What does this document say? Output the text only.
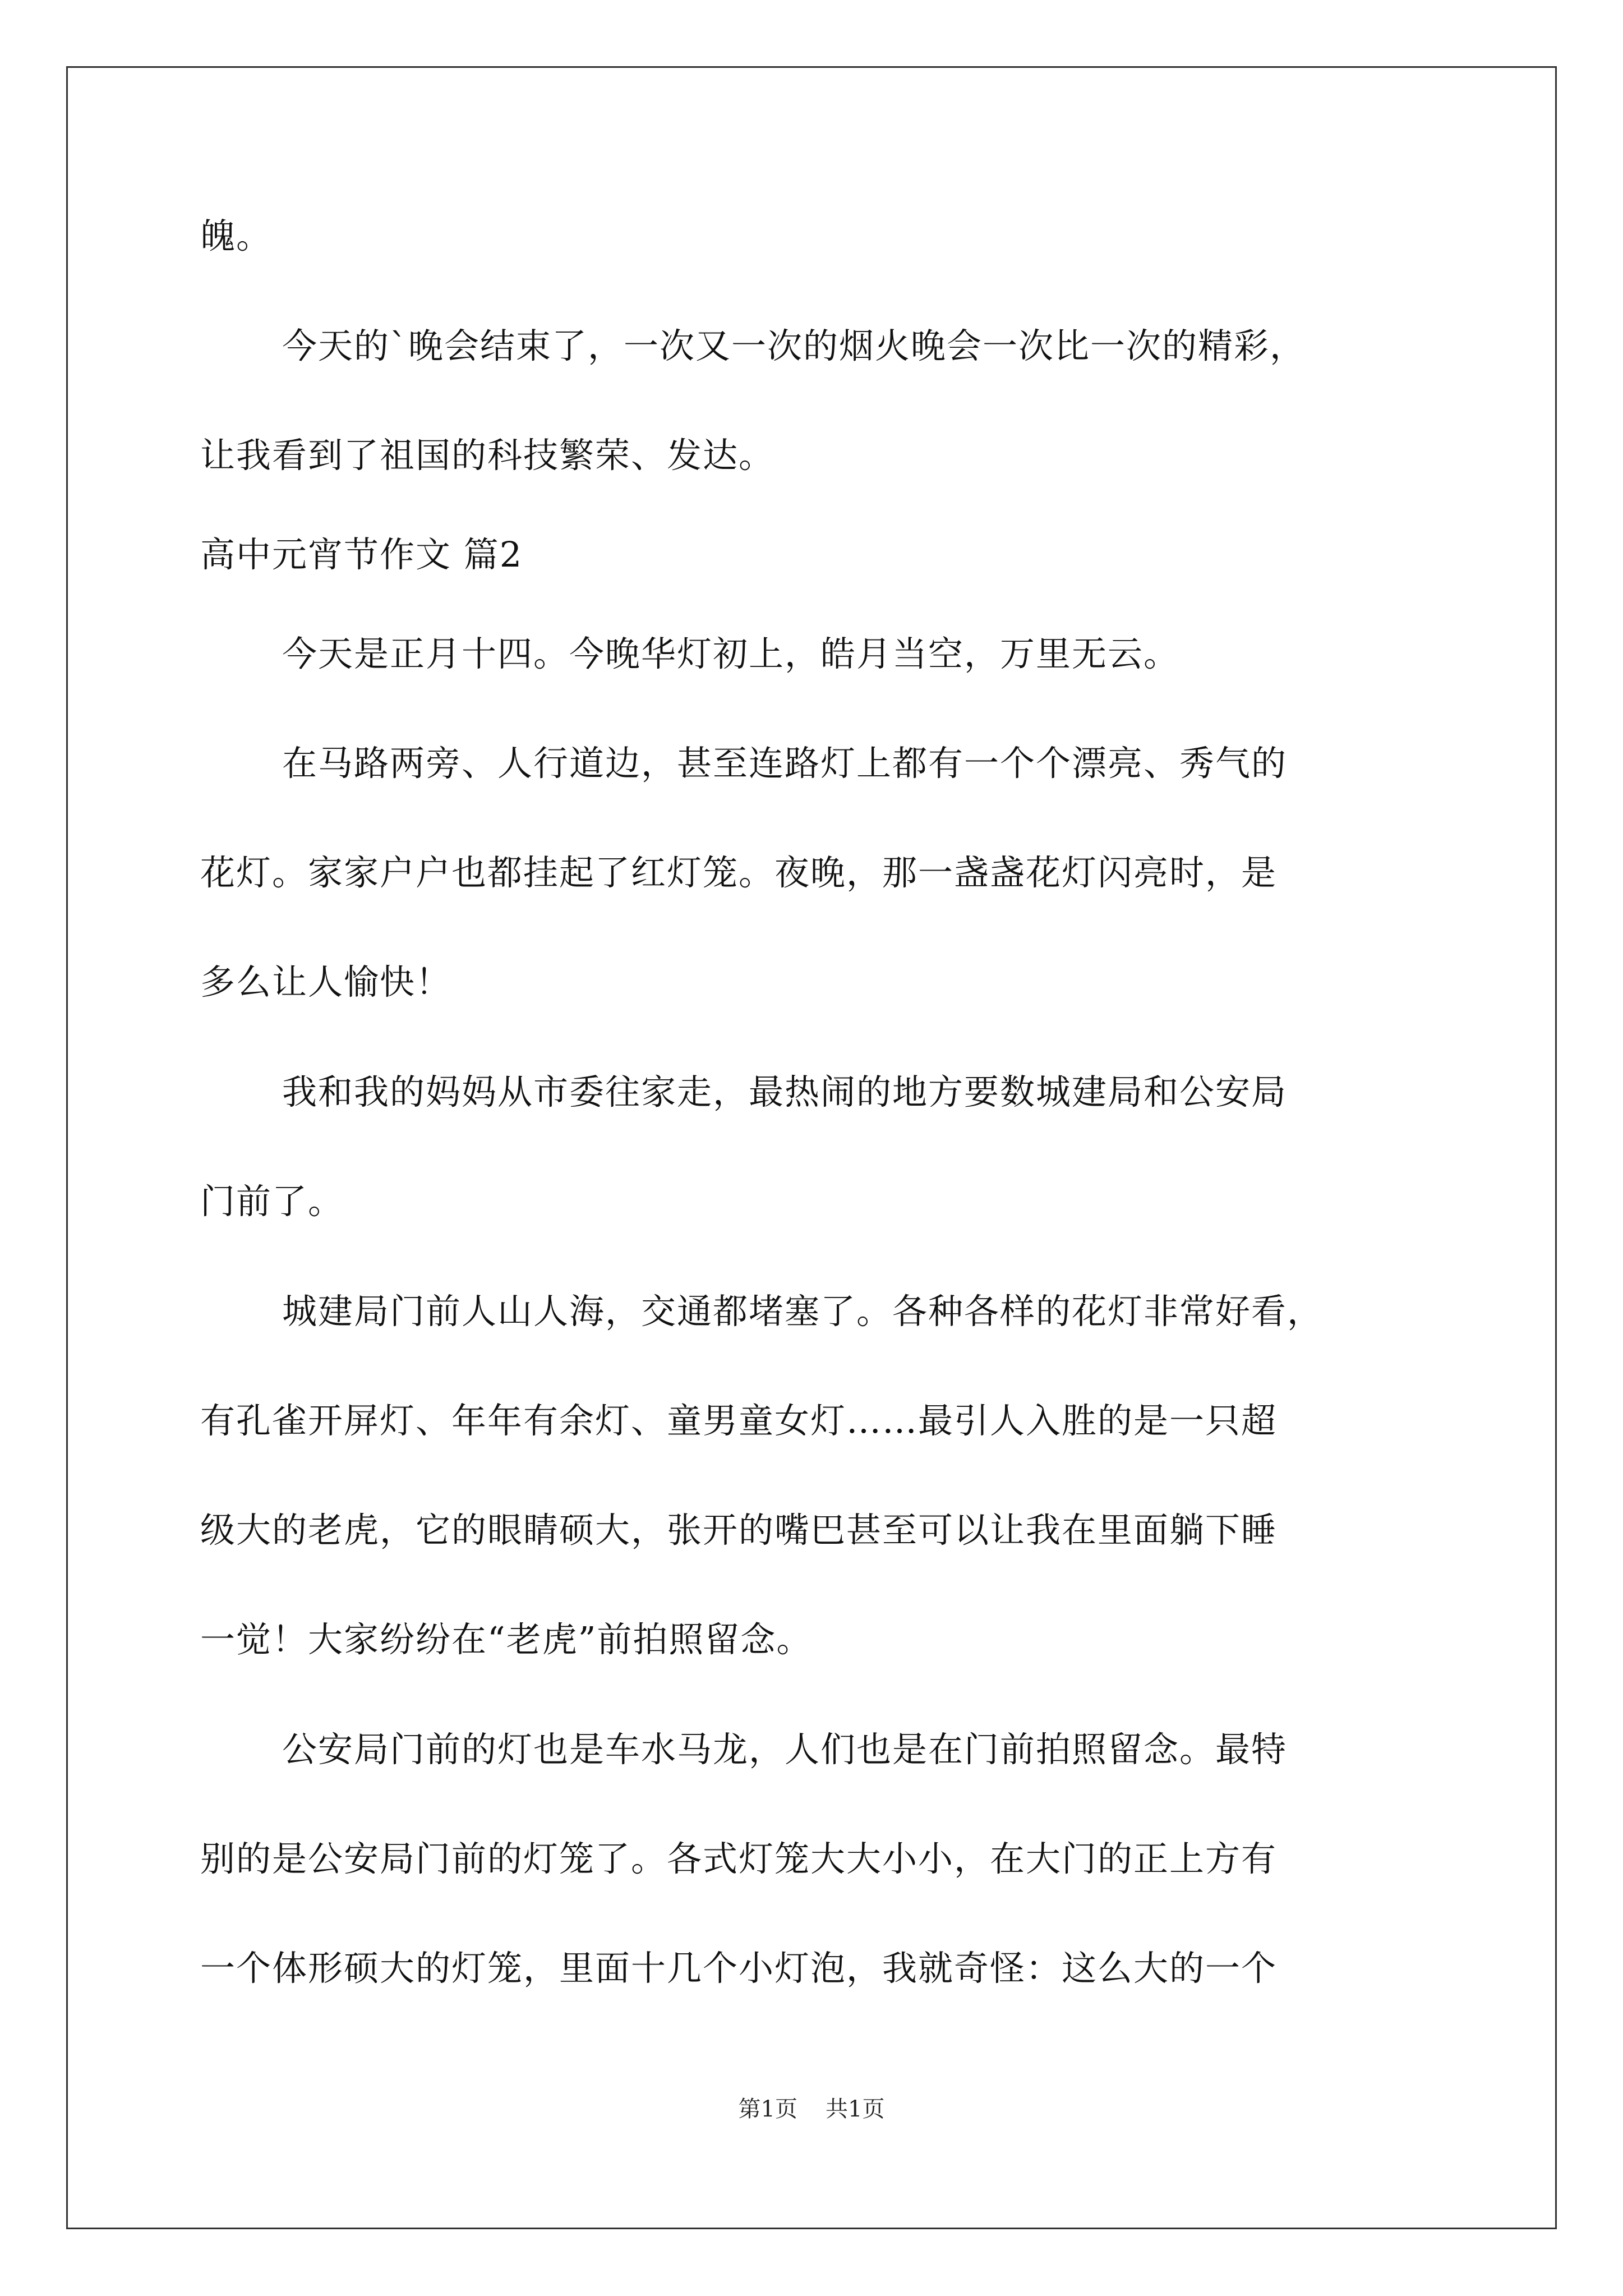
魄。
今天的`晚会结束了，一次又一次的烟火晚会一次比一次的精彩，
让我看到了祖国的科技繁荣、发达。
高中元宵节作文 篇2
今天是正月十四。今晚华灯初上，皓月当空，万里无云。
在马路两旁、人行道边，甚至连路灯上都有一个个漂亮、秀气的
花灯。家家户户也都挂起了红灯笼。夜晚，那一盏盏花灯闪亮时，是
多么让人愉快！
我和我的妈妈从市委往家走，最热闹的地方要数城建局和公安局
门前了。
城建局门前人山人海，交通都堵塞了。各种各样的花灯非常好看，
有孔雀开屏灯、年年有余灯、童男童女灯……最引人入胜的是一只超
级大的老虎，它的眼睛硕大，张开的嘴巴甚至可以让我在里面躺下睡
一觉！大家纷纷在“老虎”前拍照留念。
公安局门前的灯也是车水马龙，人们也是在门前拍照留念。最特
别的是公安局门前的灯笼了。各式灯笼大大小小，在大门的正上方有
一个体形硕大的灯笼，里面十几个小灯泡，我就奇怪：这么大的一个
第1页 共1页
